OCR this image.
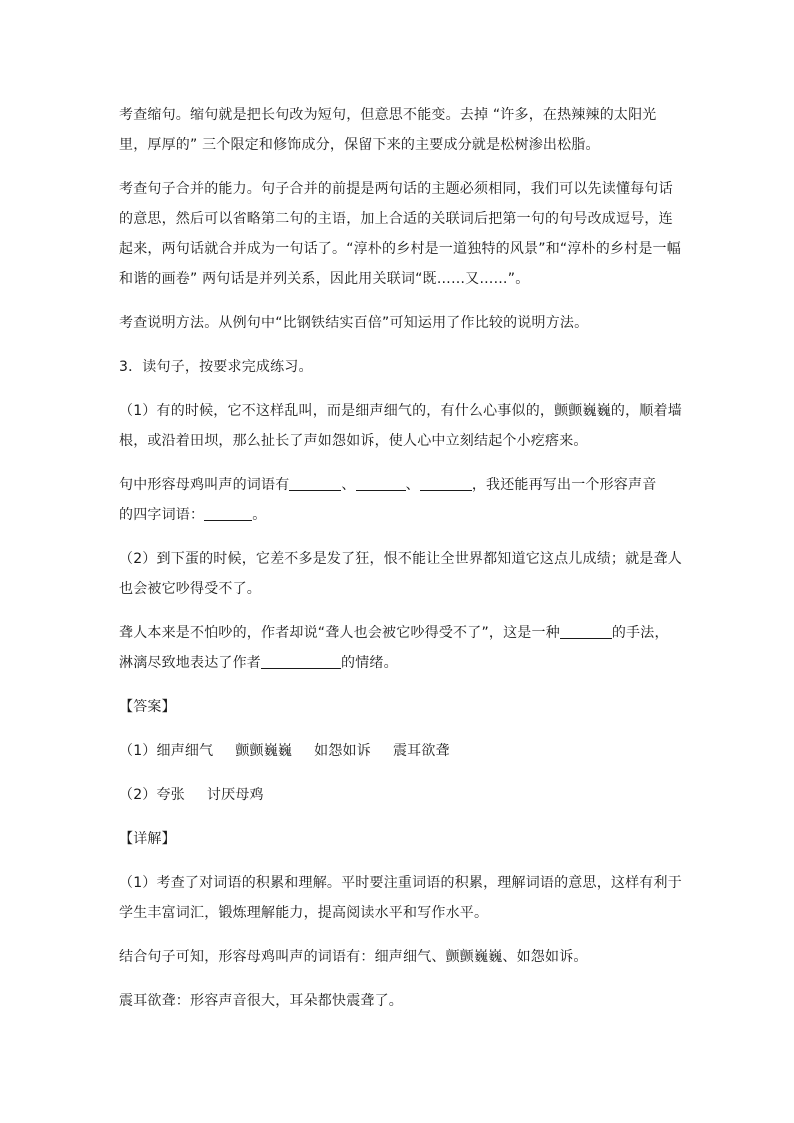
考查缩句。缩句就是把长句改为短句，但意思不能变。去掉 “许多，在热辣辣的太阳光
里，厚厚的” 三个限定和修饰成分，保留下来的主要成分就是松树渗出松脂。

考查句子合并的能力。句子合并的前提是两句话的主题必须相同，我们可以先读懂每句话
的意思，然后可以省略第二句的主语，加上合适的关联词后把第一句的句号改成逗号，连
起来，两句话就合并成为一句话了。“淳朴的乡村是一道独特的风景”和“淳朴的乡村是一幅
和谐的画卷” 两句话是并列关系，因此用关联词“既……又……”。

考查说明方法。从例句中“比钢铁结实百倍”可知运用了作比较的说明方法。

3．读句子，按要求完成练习。

（1）有的时候，它不这样乱叫，而是细声细气的，有什么心事似的，颤颤巍巍的，顺着墙
根，或沿着田坝，那么扯长了声如怨如诉，使人心中立刻结起个小疙瘩来。

句中形容母鸡叫声的词语有	、	、	，我还能再写出一个形容声音
的四字词语：	。

（2）到下蛋的时候，它差不多是发了狂，恨不能让全世界都知道它这点儿成绩；就是聋人
也会被它吵得受不了。

聋人本来是不怕吵的，作者却说“聋人也会被它吵得受不了”，这是一种	的手法，
淋漓尽致地表达了作者	的情绪。

【答案】

（1）细声细气 颤颤巍巍 如怨如诉 震耳欲聋

（2）夸张 讨厌母鸡

【详解】

（1）考查了对词语的积累和理解。平时要注重词语的积累，理解词语的意思，这样有利于
学生丰富词汇，锻炼理解能力，提高阅读水平和写作水平。

结合句子可知，形容母鸡叫声的词语有：细声细气、颤颤巍巍、如怨如诉。

震耳欲聋：形容声音很大，耳朵都快震聋了。
